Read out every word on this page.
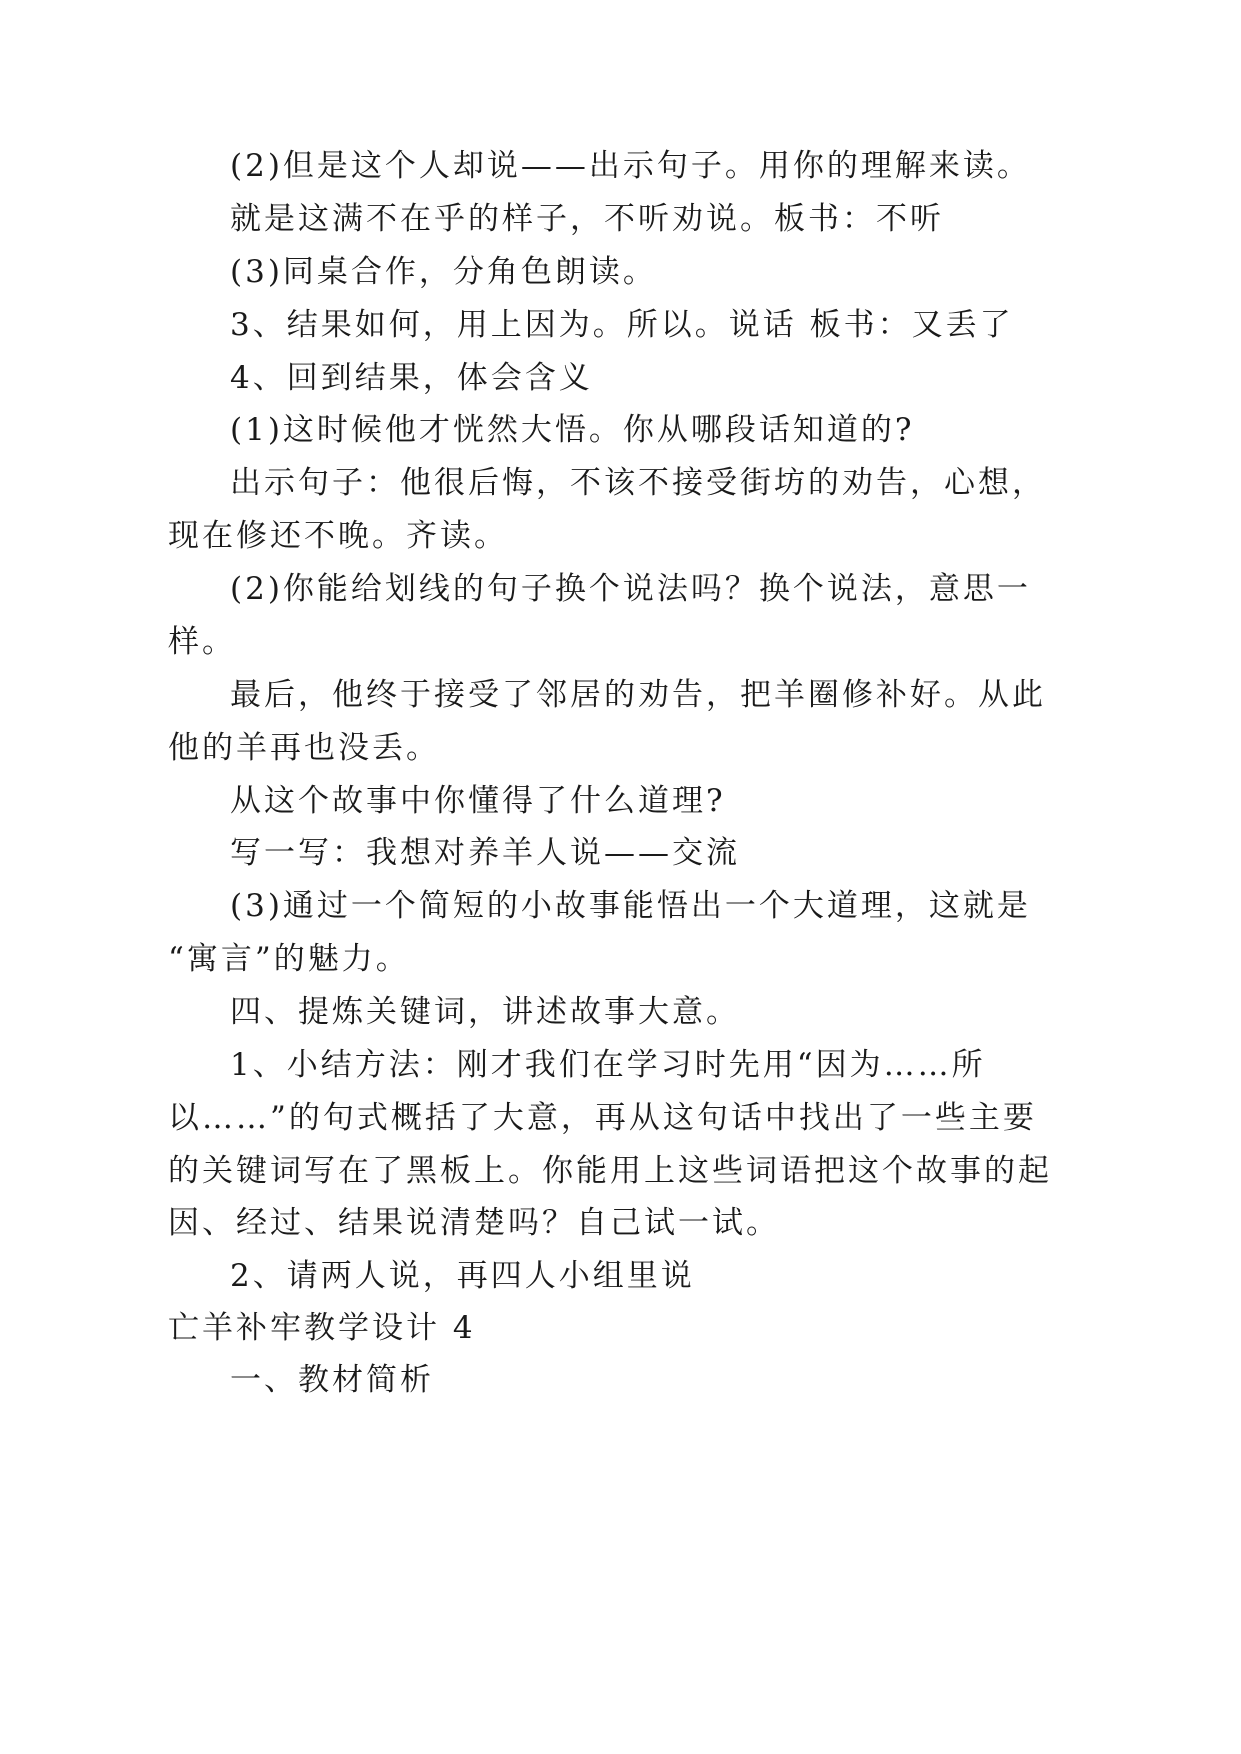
(2)但是这个人却说——出示句子。用你的理解来读。
就是这满不在乎的样子，不听劝说。板书：不听
(3)同桌合作，分角色朗读。
3、结果如何，用上因为。所以。说话 板书：又丢了
4、回到结果，体会含义
(1)这时候他才恍然大悟。你从哪段话知道的?
出示句子：他很后悔，不该不接受街坊的劝告，心想，
现在修还不晚。齐读。
(2)你能给划线的句子换个说法吗？换个说法，意思一
样。
最后，他终于接受了邻居的劝告，把羊圈修补好。从此
他的羊再也没丢。
从这个故事中你懂得了什么道理?
写一写：我想对养羊人说——交流
(3)通过一个简短的小故事能悟出一个大道理，这就是
“寓言”的魅力。
四、提炼关键词，讲述故事大意。
1、小结方法：刚才我们在学习时先用“因为……所
以……”的句式概括了大意，再从这句话中找出了一些主要
的关键词写在了黑板上。你能用上这些词语把这个故事的起
因、经过、结果说清楚吗？自己试一试。
2、请两人说，再四人小组里说
亡羊补牢教学设计 4
一、教材简析
